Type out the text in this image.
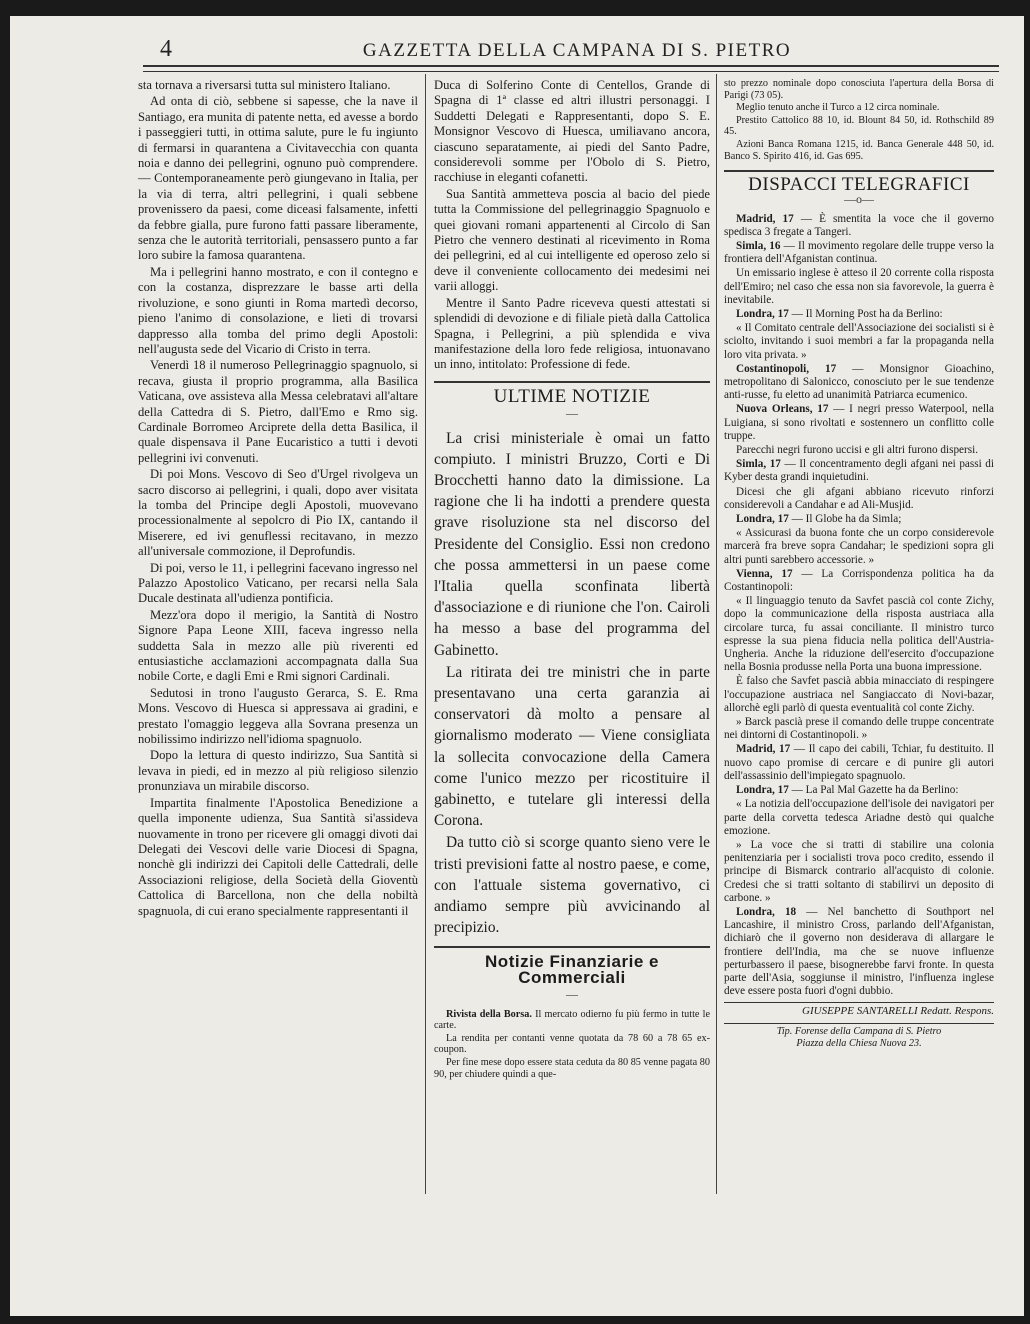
4	GAZZETTA DELLA CAMPANA DI S. PIETRO

sta tornava a riversarsi tutta sul ministero Italiano.

Ad onta di ciò, sebbene si sapesse, che la nave il Santiago, era munita di patente netta, ed avesse a bordo i passeggieri tutti, in ottima salute, pure le fu ingiunto di fermarsi in quarantena a Civitavecchia con quanta noia e danno dei pellegrini, ognuno può comprendere.— Contemporaneamente però giungevano in Italia, per la via di terra, altri pellegrini, i quali sebbene provenissero da paesi, come diceasi falsamente, infetti da febbre gialla, pure furono fatti passare liberamente, senza che le autorità territoriali, pensassero punto a far loro subire la famosa quarantena.

Ma i pellegrini hanno mostrato, e con il contegno e con la costanza, disprezzare le basse arti della rivoluzione, e sono giunti in Roma martedì decorso, pieno l'animo di consolazione, e lieti di trovarsi dappresso alla tomba del primo degli Apostoli: nell'augusta sede del Vicario di Cristo in terra.

Venerdì 18 il numeroso Pellegrinaggio spagnuolo, si recava, giusta il proprio programma, alla Basilica Vaticana, ove assisteva alla Messa celebratavi all'altare della Cattedra di S. Pietro, dall'Emo e Rmo sig. Cardinale Borromeo Arciprete della detta Basilica, il quale dispensava il Pane Eucaristico a tutti i devoti pellegrini ivi convenuti.

Di poi Mons. Vescovo di Seo d'Urgel rivolgeva un sacro discorso ai pellegrini, i quali, dopo aver visitata la tomba del Principe degli Apostoli, muovevano processionalmente al sepolcro di Pio IX, cantando il Miserere, ed ivi genuflessi recitavano, in mezzo all'universale commozione, il Deprofundis.

Di poi, verso le 11, i pellegrini facevano ingresso nel Palazzo Apostolico Vaticano, per recarsi nella Sala Ducale destinata all'udienza pontificia.

Mezz'ora dopo il merigio, la Santità di Nostro Signore Papa Leone XIII, faceva ingresso nella suddetta Sala in mezzo alle più riverenti ed entusiastiche acclamazioni accompagnata dalla Sua nobile Corte, e dagli Emi e Rmi signori Cardinali.

Sedutosi in trono l'augusto Gerarca, S. E. Rma Mons. Vescovo di Huesca si appressava ai gradini, e prestato l'omaggio leggeva alla Sovrana presenza un nobilissimo indirizzo nell'idioma spagnuolo.

Dopo la lettura di questo indirizzo, Sua Santità si levava in piedi, ed in mezzo al più religioso silenzio pronunziava un mirabile discorso.

Impartita finalmente l'Apostolica Benedizione a quella imponente udienza, Sua Santità si'assideva nuovamente in trono per ricevere gli omaggi divoti dai Delegati dei Vescovi delle varie Diocesi di Spagna, nonchè gli indirizzi dei Capitoli delle Cattedrali, delle Associazioni religiose, della Società della Gioventù Cattolica di Barcellona, non che della nobiltà spagnuola, di cui erano specialmente rappresentanti il

Duca di Solferino Conte di Centellos, Grande di Spagna di 1ª classe ed altri illustri personaggi. I Suddetti Delegati e Rappresentanti, dopo S. E. Monsignor Vescovo di Huesca, umiliavano ancora, ciascuno separatamente, ai piedi del Santo Padre, considerevoli somme per l'Obolo di S. Pietro, racchiuse in eleganti cofanetti.

Sua Santità ammetteva poscia al bacio del piede tutta la Commissione del pellegrinaggio Spagnuolo e quei giovani romani appartenenti al Circolo di San Pietro che vennero destinati al ricevimento in Roma dei pellegrini, ed al cui intelligente ed operoso zelo si deve il conveniente collocamento dei medesimi nei varii alloggi.

Mentre il Santo Padre riceveva questi attestati si splendidi di devozione e di filiale pietà dalla Cattolica Spagna, i Pellegrini, a più splendida e viva manifestazione della loro fede religiosa, intuonavano un inno, intitolato: Professione di fede.

ULTIME NOTIZIE
—

La crisi ministeriale è omai un fatto compiuto. I ministri Bruzzo, Corti e Di Brocchetti hanno dato la dimissione. La ragione che li ha indotti a prendere questa grave risoluzione sta nel discorso del Presidente del Consiglio. Essi non credono che possa ammettersi in un paese come l'Italia quella sconfinata libertà d'associazione e di riunione che l'on. Cairoli ha messo a base del programma del Gabinetto.

La ritirata dei tre ministri che in parte presentavano una certa garanzia ai conservatori dà molto a pensare al giornalismo moderato — Viene consigliata la sollecita convocazione della Camera come l'unico mezzo per ricostituire il gabinetto, e tutelare gli interessi della Corona.

Da tutto ciò si scorge quanto sieno vere le tristi previsioni fatte al nostro paese, e come, con l'attuale sistema governativo, ci andiamo sempre più avvicinando al precipizio.

Notizie Finanziarie e Commerciali
—

Rivista della Borsa. Il mercato odierno fu più fermo in tutte le carte.

La rendita per contanti venne quotata da 78 60 a 78 65 ex-coupon.

Per fine mese dopo essere stata ceduta da 80 85 venne pagata 80 90, per chiudere quindi a que-

sto prezzo nominale dopo conosciuta l'apertura della Borsa di Parigi (73 05).

Meglio tenuto anche il Turco a 12 circa nominale.

Prestito Cattolico 88 10, id. Blount 84 50, id. Rothschild 89 45.

Azioni Banca Romana 1215, id. Banca Generale 448 50, id. Banco S. Spirito 416, id. Gas 695.

DISPACCI TELEGRAFICI
—o—

Madrid, 17 — È smentita la voce che il governo spedisca 3 fregate a Tangeri.

Simla, 16 — Il movimento regolare delle truppe verso la frontiera dell'Afganistan continua.

Un emissario inglese è atteso il 20 corrente colla risposta dell'Emiro; nel caso che essa non sia favorevole, la guerra è inevitabile.

Londra, 17 — Il Morning Post ha da Berlino:

« Il Comitato centrale dell'Associazione dei socialisti si è sciolto, invitando i suoi membri a far la propaganda nella loro vita privata. »

Costantinopoli, 17 — Monsignor Gioachino, metropolitano di Salonicco, conosciuto per le sue tendenze anti-russe, fu eletto ad unanimità Patriarca ecumenico.

Nuova Orleans, 17 — I negri presso Waterpool, nella Luigiana, si sono rivoltati e sostennero un conflitto colle truppe.

Parecchi negri furono uccisi e gli altri furono dispersi.

Simla, 17 — Il concentramento degli afgani nei passi di Kyber desta grandi inquietudini.

Dicesi che gli afgani abbiano ricevuto rinforzi considerevoli a Candahar e ad Ali-Musjid.

Londra, 17 — Il Globe ha da Simla;

« Assicurasi da buona fonte che un corpo considerevole marcerà fra breve sopra Candahar; le spedizioni sopra gli altri punti sarebbero accessorie. »

Vienna, 17 — La Corrispondenza politica ha da Costantinopoli:

« Il linguaggio tenuto da Savfet pascià col conte Zichy, dopo la communicazione della risposta austriaca alla circolare turca, fu assai conciliante. Il ministro turco espresse la sua piena fiducia nella politica dell'Austria-Ungheria. Anche la riduzione dell'esercito d'occupazione nella Bosnia produsse nella Porta una buona impressione.

È falso che Savfet pascià abbia minacciato di respingere l'occupazione austriaca nel Sangiaccato di Novi-bazar, allorchè egli parlò di questa eventualità col conte Zichy.

» Barck pascià prese il comando delle truppe concentrate nei dintorni di Costantinopoli. »

Madrid, 17 — Il capo dei cabili, Tchiar, fu destituito. Il nuovo capo promise di cercare e di punire gli autori dell'assassinio dell'impiegato spagnuolo.

Londra, 17 — La Pal Mal Gazette ha da Berlino:

« La notizia dell'occupazione dell'isole dei navigatori per parte della corvetta tedesca Ariadne destò qui qualche emozione.

» La voce che si tratti di stabilire una colonia penitenziaria per i socialisti trova poco credito, essendo il principe di Bismarck contrario all'acquisto di colonie. Credesi che si tratti soltanto di stabilirvi un deposito di carbone. »

Londra, 18 — Nel banchetto di Southport nel Lancashire, il ministro Cross, parlando dell'Afganistan, dichiarò che il governo non desiderava di allargare le frontiere dell'India, ma che se nuove influenze perturbassero il paese, bisognerebbe farvi fronte. In questa parte dell'Asia, soggiunse il ministro, l'influenza inglese deve essere posta fuori d'ogni dubbio.

GIUSEPPE SANTARELLI Redatt. Respons.
Tip. Forense della Campana di S. Pietro
Piazza della Chiesa Nuova 23.
